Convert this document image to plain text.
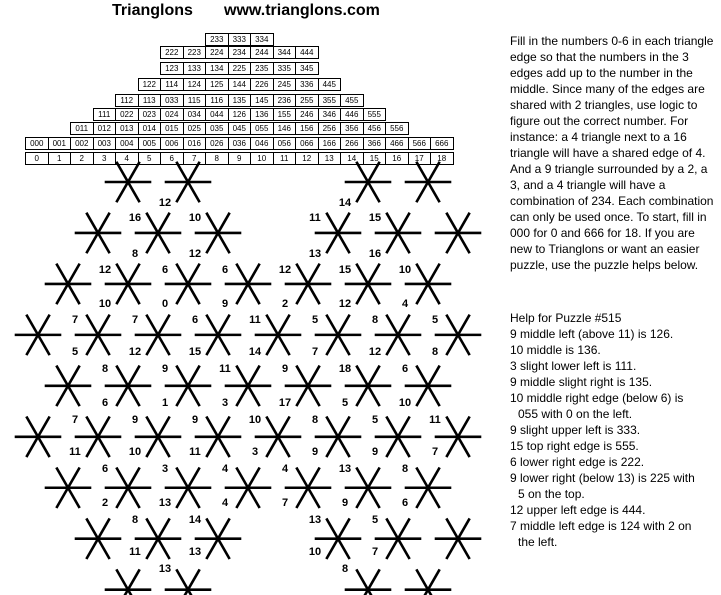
Trianglons www.trianglons.com
233	333	334
222	223	224	234	244	344	444
123	133	134	225	235	335	345
122	114	124	125	144	226	245	336	445
112	113	033	115	116	135	145	236	255	355	455
111	022	023	024	034	044	126	136	155	246	346	446	555
011	012	013	014	015	025	035	045	055	146	156	256	356	456	556
000	001	002	003	004	005	006	016	026	036	046	056	066	166	266	366	466	566	666
0	1	2	3	4	5	6	7	8	9	10	11	12	13	14	15	16	17	18
12
16	10
14
11	15
8	12	13	16
12	6	6	12	15	10
10	0	9	2	12	4
7	7	6	11	5	8	5
5	12	15	14	7	12	8
8	9	11	9	18	6
6	1	3	17	5	10
7	9	9	10	8	5	11
11	10	11	3	9	9	7
6	3	4	4	13	8
2	13	4	7	9	6
8	14	13	5
11	13	10	7
13	8
Fill in the numbers 0-6 in each triangle edge so that the numbers in the 3 edges add up to the number in the middle. Since many of the edges are shared with 2 triangles, use logic to figure out the correct number. For instance: a 4 triangle next to a 16 triangle will have a shared edge of 4. And a 9 triangle surrounded by a 2, a 3, and a 4 triangle will have a combination of 234. Each combination can only be used once. To start, fill in 000 for 0 and 666 for 18. If you are new to Trianglons or want an easier puzzle, use the puzzle helps below.

Help for Puzzle #515

9 middle left (above 11) is 126.

10 middle is 136.

3 slight lower left is 111.

9 middle slight right is 135.

10 middle right edge (below 6) is

055 with 0 on the left.

9 slight upper left is 333.

15 top right edge is 555.

6 lower right edge is 222.

9 lower right (below 13) is 225 with

5 on the top.

12 upper left edge is 444.

7 middle left edge is 124 with 2 on

the left.
